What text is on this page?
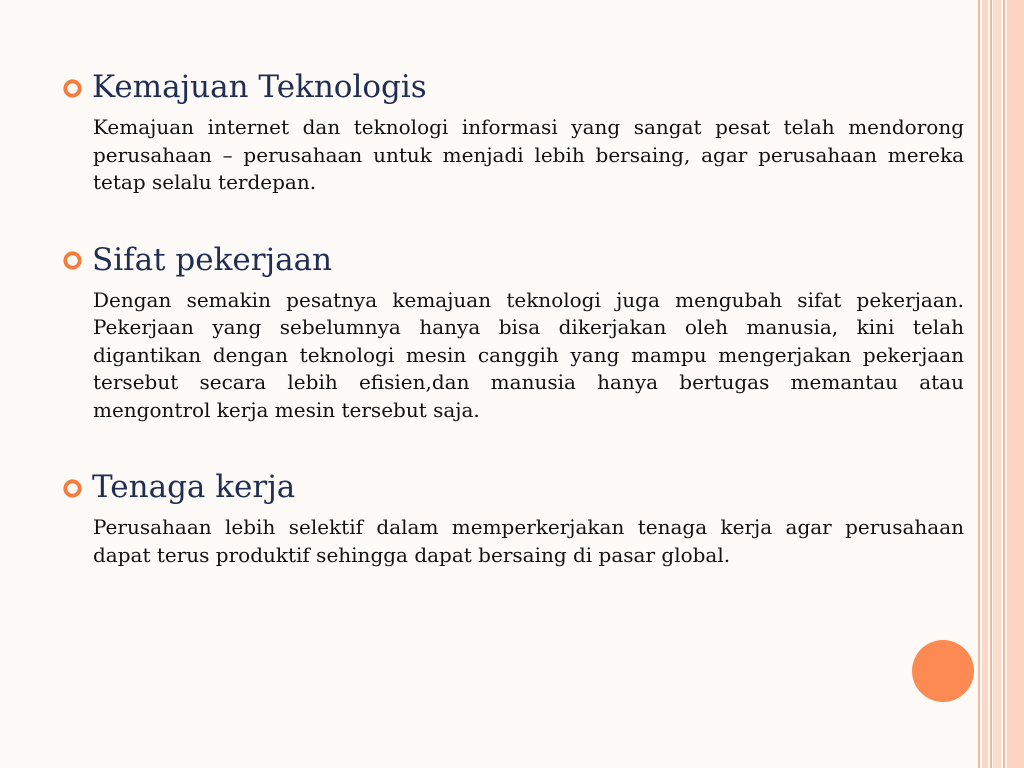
Kemajuan Teknologis
Kemajuan internet dan teknologi informasi yang sangat pesat telah mendorong perusahaan – perusahaan untuk menjadi lebih bersaing, agar perusahaan mereka tetap selalu terdepan.
Sifat pekerjaan
Dengan semakin pesatnya kemajuan teknologi juga mengubah sifat pekerjaan. Pekerjaan yang sebelumnya hanya bisa dikerjakan oleh manusia, kini telah digantikan dengan teknologi mesin canggih yang mampu mengerjakan pekerjaan tersebut secara lebih efisien,dan manusia hanya bertugas memantau atau mengontrol kerja mesin tersebut saja.
Tenaga kerja
Perusahaan lebih selektif dalam memperkerjakan tenaga kerja agar perusahaan dapat terus produktif sehingga dapat bersaing di pasar global.
